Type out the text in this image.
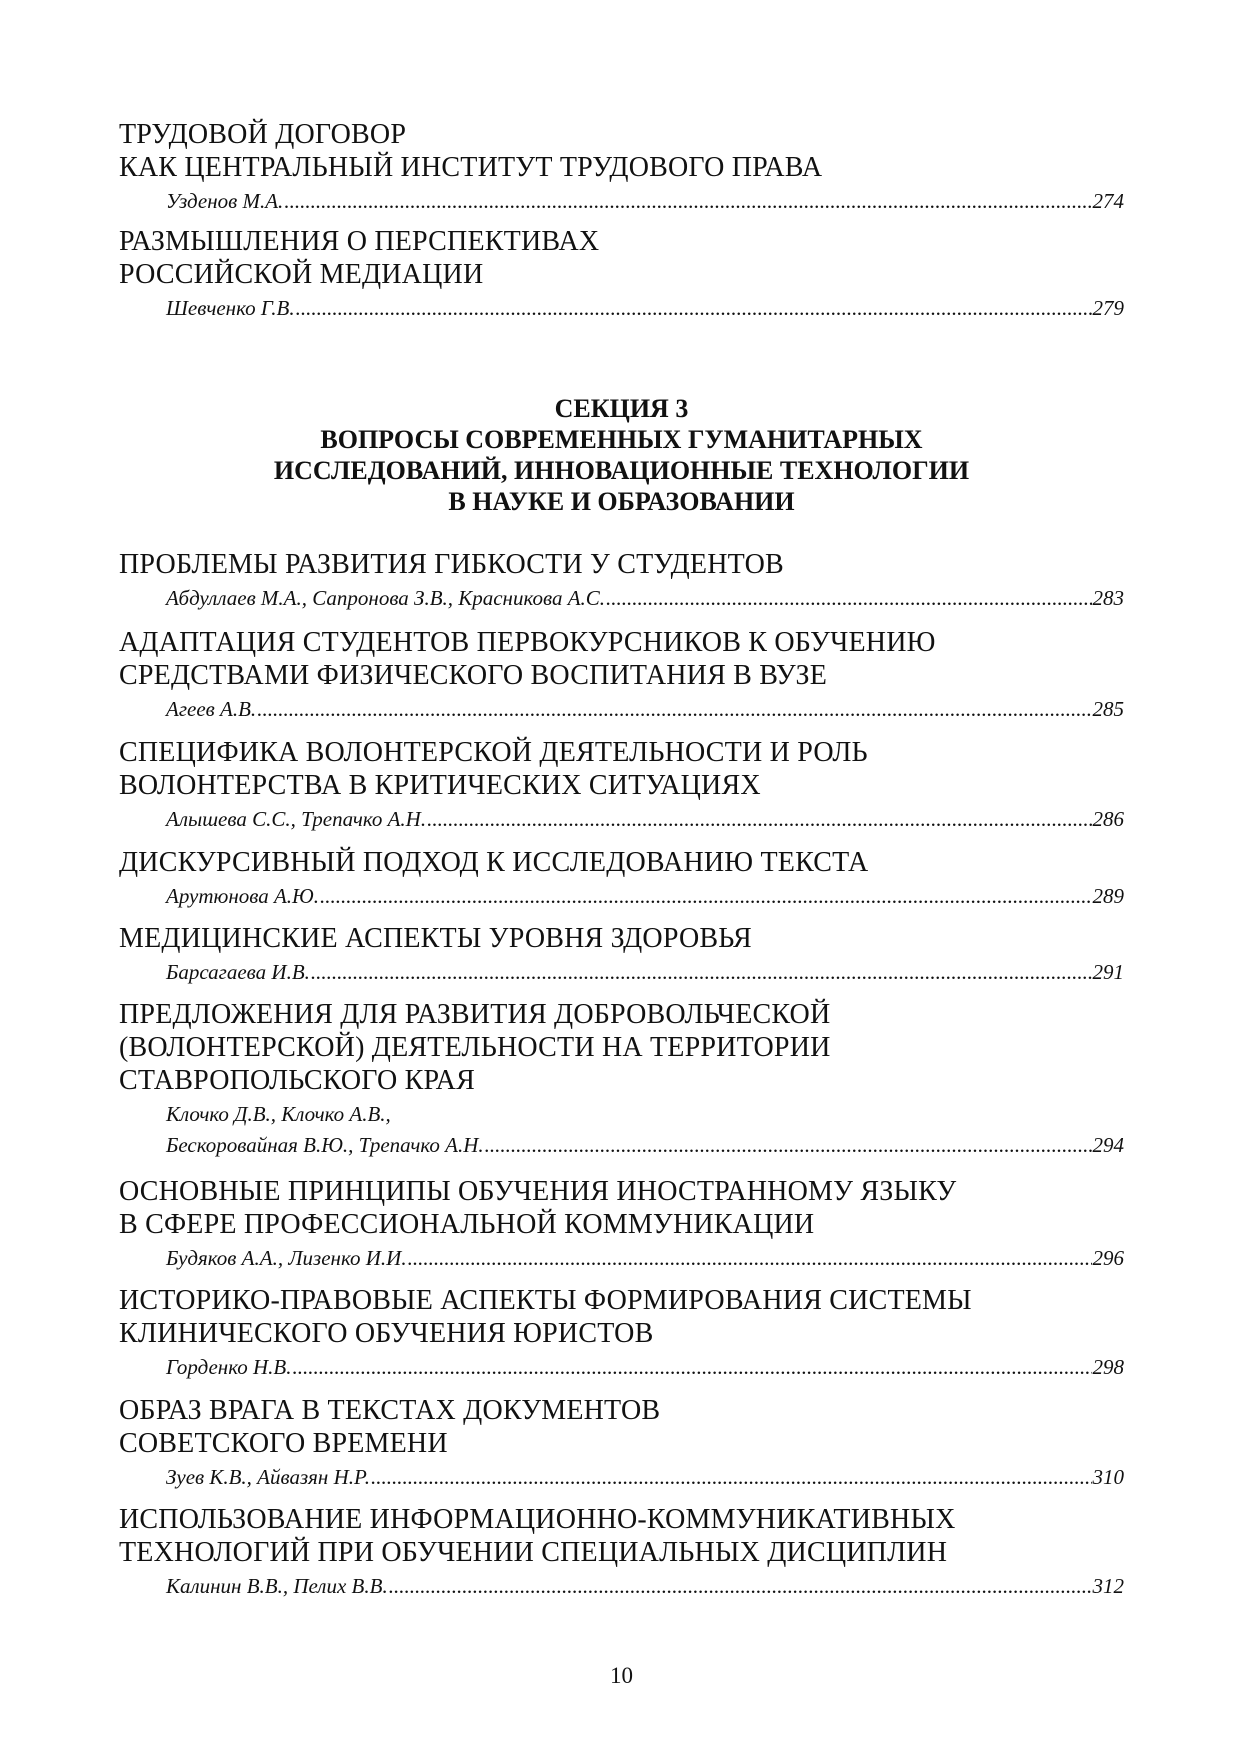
ТРУДОВОЙ ДОГОВОР
КАК ЦЕНТРАЛЬНЫЙ ИНСТИТУТ ТРУДОВОГО ПРАВА
Узденов М.А. .....	274
РАЗМЫШЛЕНИЯ О ПЕРСПЕКТИВАХ
РОССИЙСКОЙ МЕДИАЦИИ
Шевченко Г.В. .....	279
СЕКЦИЯ 3
ВОПРОСЫ СОВРЕМЕННЫХ ГУМАНИТАРНЫХ
ИССЛЕДОВАНИЙ, ИННОВАЦИОННЫЕ ТЕХНОЛОГИИ
В НАУКЕ И ОБРАЗОВАНИИ
ПРОБЛЕМЫ РАЗВИТИЯ ГИБКОСТИ У СТУДЕНТОВ
Абдуллаев М.А., Сапронова З.В., Красникова А.С. .....	283
АДАПТАЦИЯ СТУДЕНТОВ ПЕРВОКУРСНИКОВ К ОБУЧЕНИЮ
СРЕДСТВАМИ ФИЗИЧЕСКОГО ВОСПИТАНИЯ В ВУЗЕ
Агеев А.В. .....	285
СПЕЦИФИКА ВОЛОНТЕРСКОЙ ДЕЯТЕЛЬНОСТИ И РОЛЬ
ВОЛОНТЕРСТВА В КРИТИЧЕСКИХ СИТУАЦИЯХ
Алышева С.С., Трепачко А.Н. .....	286
ДИСКУРСИВНЫЙ ПОДХОД К ИССЛЕДОВАНИЮ ТЕКСТА
Арутюнова А.Ю. .....	289
МЕДИЦИНСКИЕ АСПЕКТЫ УРОВНЯ ЗДОРОВЬЯ
Барсагаева И.В. .....	291
ПРЕДЛОЖЕНИЯ ДЛЯ РАЗВИТИЯ ДОБРОВОЛЬЧЕСКОЙ
(ВОЛОНТЕРСКОЙ) ДЕЯТЕЛЬНОСТИ НА ТЕРРИТОРИИ
СТАВРОПОЛЬСКОГО КРАЯ
Клочко Д.В., Клочко А.В.,
Бескоровайная В.Ю., Трепачко А.Н. .....	294
ОСНОВНЫЕ ПРИНЦИПЫ ОБУЧЕНИЯ ИНОСТРАННОМУ ЯЗЫКУ
В СФЕРЕ ПРОФЕССИОНАЛЬНОЙ КОММУНИКАЦИИ
Будяков А.А., Лизенко И.И. .....	296
ИСТОРИКО-ПРАВОВЫЕ АСПЕКТЫ ФОРМИРОВАНИЯ СИСТЕМЫ
КЛИНИЧЕСКОГО ОБУЧЕНИЯ ЮРИСТОВ
Горденко Н.В. .....	298
ОБРАЗ ВРАГА В ТЕКСТАХ ДОКУМЕНТОВ
СОВЕТСКОГО ВРЕМЕНИ
Зуев К.В., Айвазян Н.Р. .....	310
ИСПОЛЬЗОВАНИЕ ИНФОРМАЦИОННО-КОММУНИКАТИВНЫХ
ТЕХНОЛОГИЙ ПРИ ОБУЧЕНИИ СПЕЦИАЛЬНЫХ ДИСЦИПЛИН
Калинин В.В., Пелих В.В. .....	312
10
